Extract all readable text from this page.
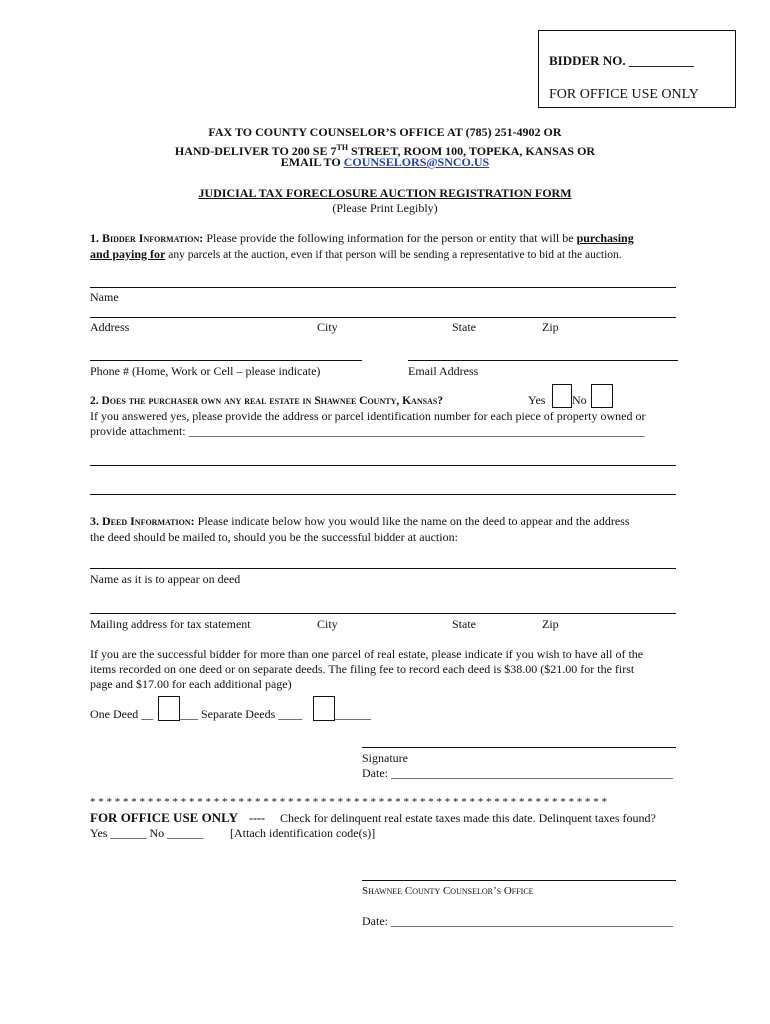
BIDDER NO. __________
FOR OFFICE USE ONLY
FAX TO COUNTY COUNSELOR’S OFFICE AT (785) 251-4902 OR
HAND-DELIVER TO 200 SE 7TH STREET, ROOM 100, TOPEKA, KANSAS OR
EMAIL TO COUNSELORS@SNCO.US
JUDICIAL TAX FORECLOSURE AUCTION REGISTRATION FORM
(Please Print Legibly)
1. Bidder Information: Please provide the following information for the person or entity that will be purchasing
and paying for any parcels at the auction, even if that person will be sending a representative to bid at the auction.
Name
Address	City	State	Zip
Phone # (Home, Work or Cell – please indicate)	Email Address
2. Does the purchaser own any real estate in Shawnee County, Kansas?	Yes No
If you answered yes, please provide the address or parcel identification number for each piece of property owned or
provide attachment: ____________________________________________________________________________
3. Deed Information: Please indicate below how you would like the name on the deed to appear and the address
the deed should be mailed to, should you be the successful bidder at auction:
Name as it is to appear on deed
Mailing address for tax statement	City	State	Zip
If you are the successful bidder for more than one parcel of real estate, please indicate if you wish to have all of the
items recorded on one deed or on separate deeds. The filing fee to record each deed is $38.00 ($21.00 for the first
page and $17.00 for each additional page)
One Deed __ ___ Separate Deeds ____	______
Signature
Date: _______________________________________________
* * * * * * * * * * * * * * * * * * * * * * * * * * * * * * * * * * * * * * * * * * * * * * * * * * * * * * * * * * * * * * *
FOR OFFICE USE ONLY ---- Check for delinquent real estate taxes made this date. Delinquent taxes found?
Yes ______ No ______ [Attach identification code(s)]
Shawnee County Counselor’s Office
Date: _______________________________________________
